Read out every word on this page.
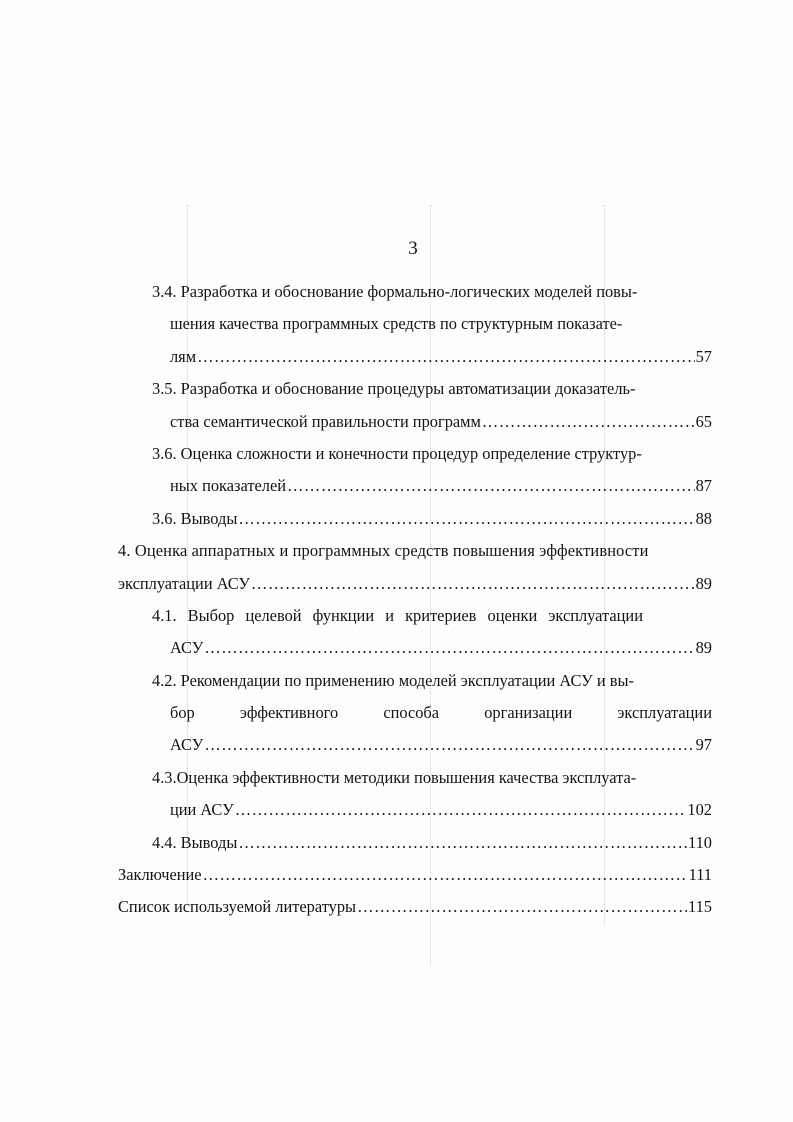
3
3.4. Разработка и обоснование формально-логических моделей повы-
шения качества программных средств по структурным показате-
лям …………………………………………………………………………………………………………………………………………………	57
3.5. Разработка и обоснование процедуры автоматизации доказатель-
ства семантической правильности программ …………………………………………………………………………………………………………………………………………………	65
3.6. Оценка сложности и конечности процедур определение структур-
ных показателей …………………………………………………………………………………………………………………………………………………	87
3.6. Выводы …………………………………………………………………………………………………………………………………………………	88
4. Оценка аппаратных и программных средств повышения эффективности
эксплуатации АСУ …………………………………………………………………………………………………………………………………………………	89
4.1. Выбор целевой функции и критериев оценки эксплуатации
АСУ …………………………………………………………………………………………………………………………………………………	89
4.2. Рекомендации по применению моделей эксплуатации АСУ и вы-
бор	эффективного	способа	организации	эксплуатации
АСУ …………………………………………………………………………………………………………………………………………………	97
4.3.Оценка эффективности методики повышения качества эксплуата-
ции АСУ …………………………………………………………………………………………………………………………………………………	102
4.4. Выводы …………………………………………………………………………………………………………………………………………………	110
Заключение …………………………………………………………………………………………………………………………………………………	111
Список используемой литературы …………………………………………………………………………………………………………………………………………………	115
